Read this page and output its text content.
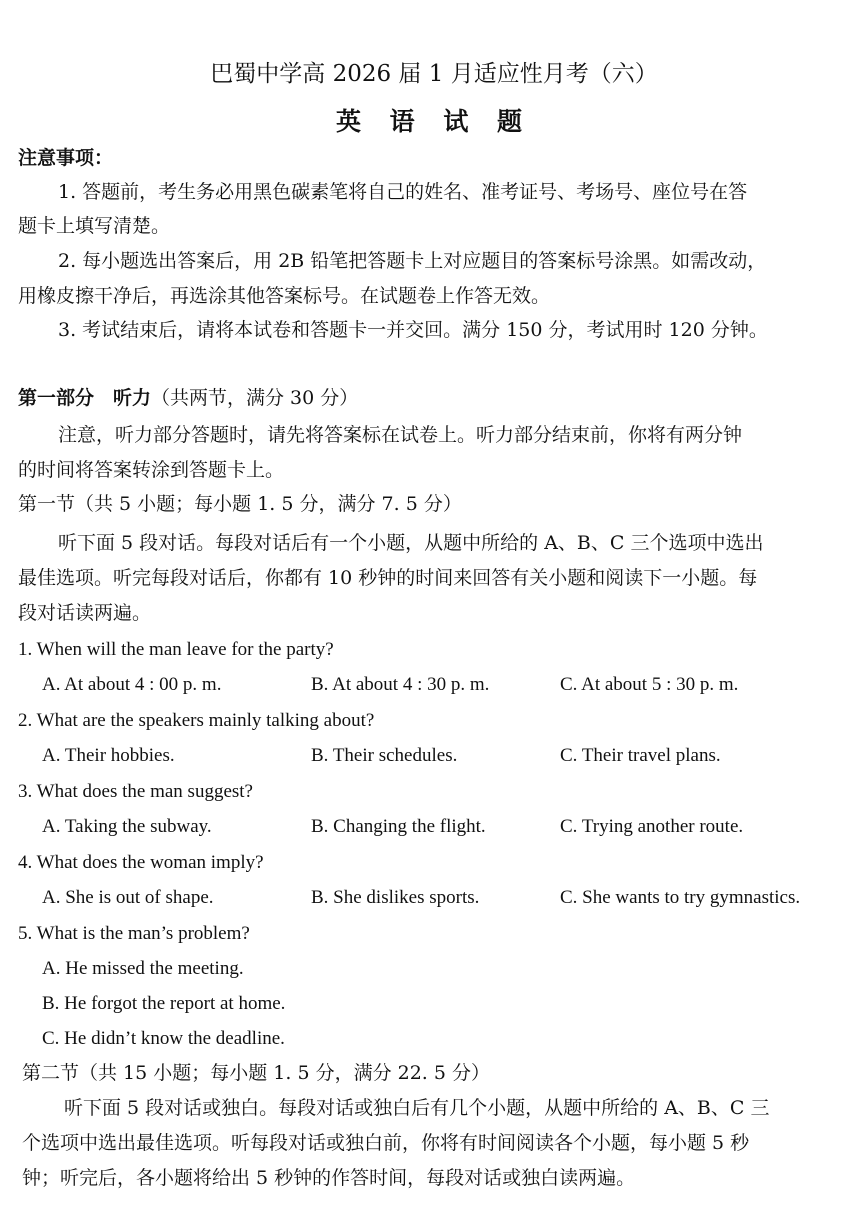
巴蜀中学高 2026 届 1 月适应性月考（六）
英 语 试 题
注意事项：
1. 答题前，考生务必用黑色碳素笔将自己的姓名、准考证号、考场号、座位号在答
题卡上填写清楚。
2. 每小题选出答案后，用 2B 铅笔把答题卡上对应题目的答案标号涂黑。如需改动，
用橡皮擦干净后，再选涂其他答案标号。在试题卷上作答无效。
3. 考试结束后，请将本试卷和答题卡一并交回。满分 150 分，考试用时 120 分钟。
第一部分　听力（共两节，满分 30 分）
注意，听力部分答题时，请先将答案标在试卷上。听力部分结束前，你将有两分钟
的时间将答案转涂到答题卡上。
第一节（共 5 小题；每小题 1. 5 分，满分 7. 5 分）
听下面 5 段对话。每段对话后有一个小题，从题中所给的 A、B、C 三个选项中选出
最佳选项。听完每段对话后，你都有 10 秒钟的时间来回答有关小题和阅读下一小题。每
段对话读两遍。
1. When will the man leave for the party?
A. At about 4 : 00 p. m.	B. At about 4 : 30 p. m.	C. At about 5 : 30 p. m.
2. What are the speakers mainly talking about?
A. Their hobbies.	B. Their schedules.	C. Their travel plans.
3. What does the man suggest?
A. Taking the subway.	B. Changing the flight.	C. Trying another route.
4. What does the woman imply?
A. She is out of shape.	B. She dislikes sports.	C. She wants to try gymnastics.
5. What is the man’s problem?
A. He missed the meeting.
B. He forgot the report at home.
C. He didn’t know the deadline.
第二节（共 15 小题；每小题 1. 5 分，满分 22. 5 分）
听下面 5 段对话或独白。每段对话或独白后有几个小题，从题中所给的 A、B、C 三
个选项中选出最佳选项。听每段对话或独白前，你将有时间阅读各个小题，每小题 5 秒
钟；听完后，各小题将给出 5 秒钟的作答时间，每段对话或独白读两遍。
